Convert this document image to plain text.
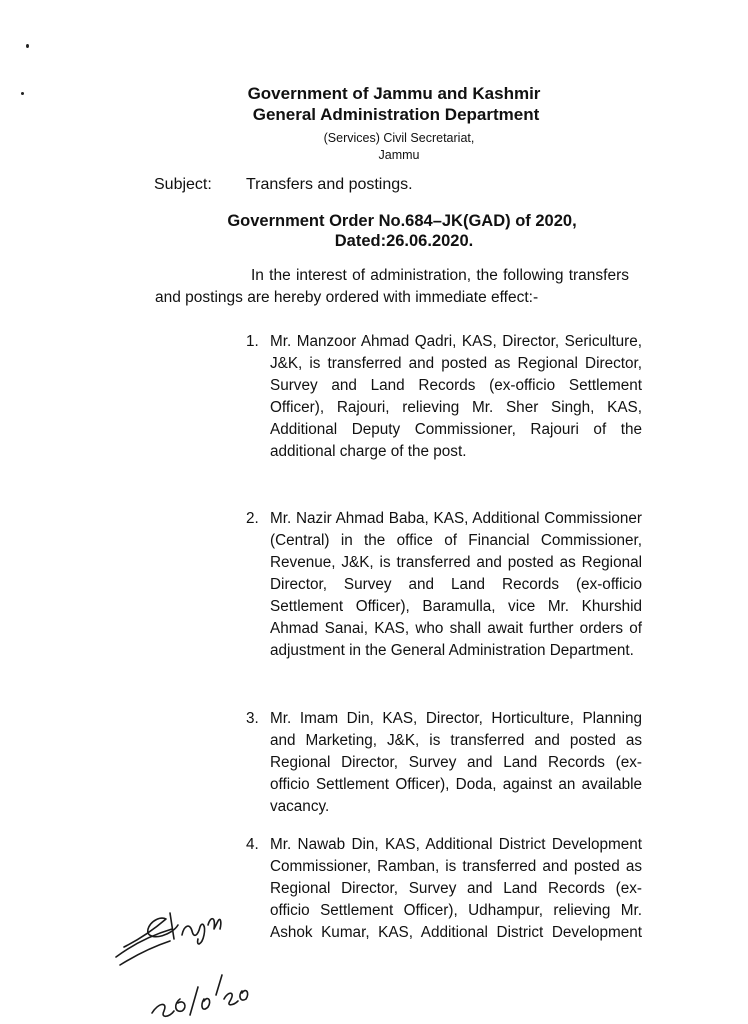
Government of Jammu and Kashmir
General Administration Department
(Services) Civil Secretariat,
Jammu
Subject: Transfers and postings.
Government Order No.684–JK(GAD) of 2020,
Dated:26.06.2020.
In the interest of administration, the following transfers and postings are hereby ordered with immediate effect:-
1. Mr. Manzoor Ahmad Qadri, KAS, Director, Sericulture, J&K, is transferred and posted as Regional Director, Survey and Land Records (ex-officio Settlement Officer), Rajouri, relieving Mr. Sher Singh, KAS, Additional Deputy Commissioner, Rajouri of the additional charge of the post.
2. Mr. Nazir Ahmad Baba, KAS, Additional Commissioner (Central) in the office of Financial Commissioner, Revenue, J&K, is transferred and posted as Regional Director, Survey and Land Records (ex-officio Settlement Officer), Baramulla, vice Mr. Khurshid Ahmad Sanai, KAS, who shall await further orders of adjustment in the General Administration Department.
3. Mr. Imam Din, KAS, Director, Horticulture, Planning and Marketing, J&K, is transferred and posted as Regional Director, Survey and Land Records (ex-officio Settlement Officer), Doda, against an available vacancy.
4. Mr. Nawab Din, KAS, Additional District Development Commissioner, Ramban, is transferred and posted as Regional Director, Survey and Land Records (ex-officio Settlement Officer), Udhampur, relieving Mr. Ashok Kumar, KAS, Additional District Development
